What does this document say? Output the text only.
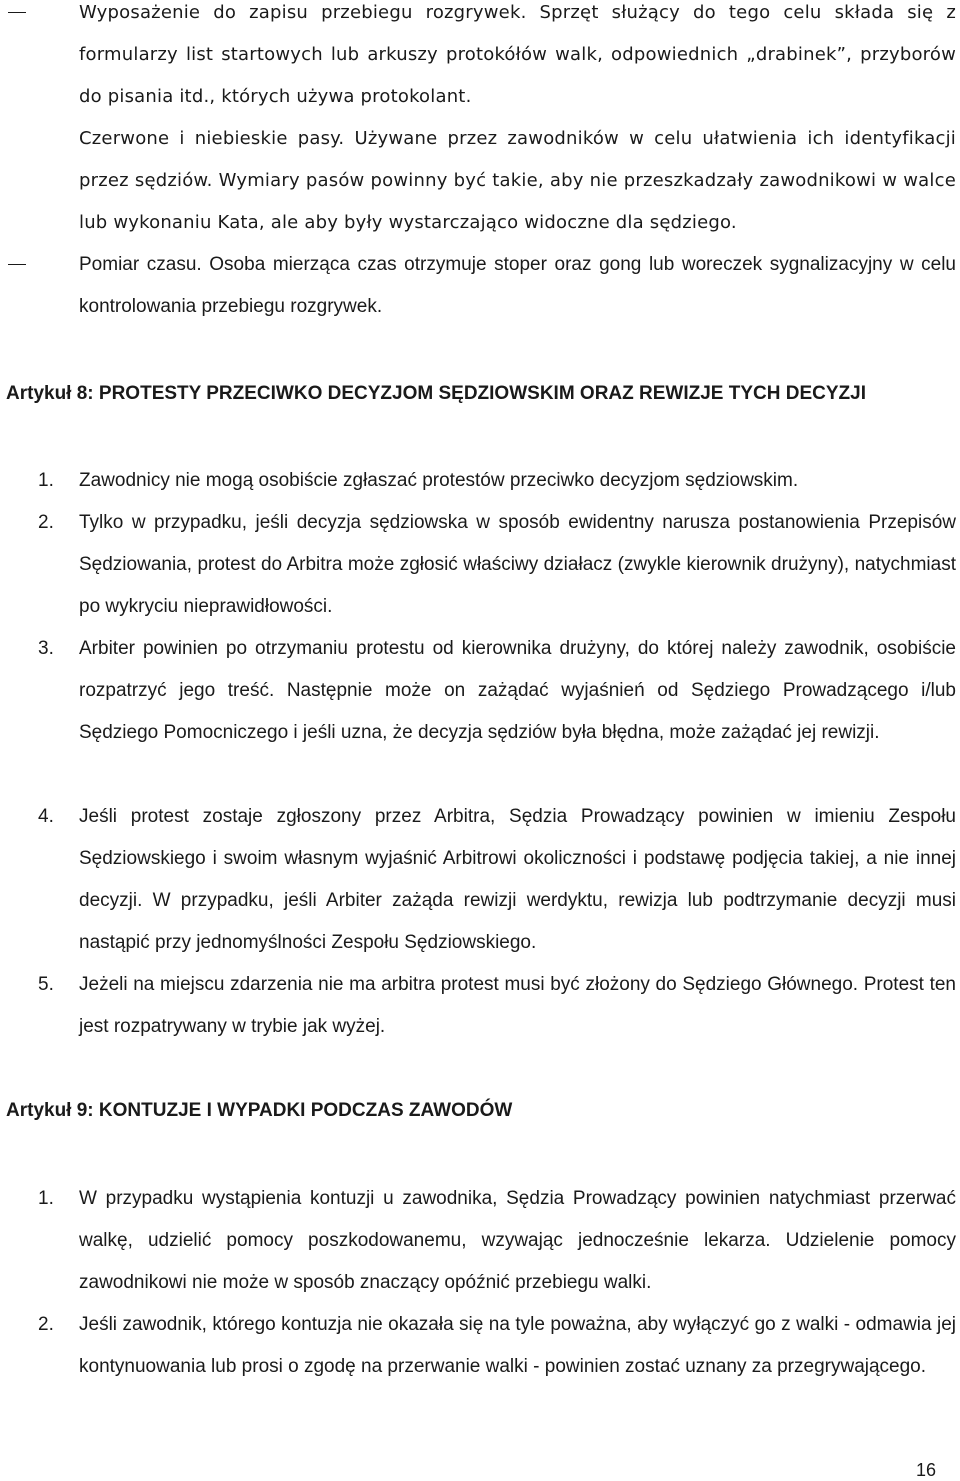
Wyposażenie do zapisu przebiegu rozgrywek. Sprzęt służący do tego celu składa się z formularzy list startowych lub arkuszy protokółów walk, odpowiednich „drabinek”, przyborów do pisania itd., których używa protokolant.
Czerwone i niebieskie pasy. Używane przez zawodników w celu ułatwienia ich identyfikacji przez sędziów. Wymiary pasów powinny być takie, aby nie przeszkadzały zawodnikowi w walce lub wykonaniu Kata, ale aby były wystarczająco widoczne dla sędziego.
Pomiar czasu. Osoba mierząca czas otrzymuje stoper oraz gong lub woreczek sygnalizacyjny w celu kontrolowania przebiegu rozgrywek.
Artykuł 8: PROTESTY PRZECIWKO DECYZJOM SĘDZIOWSKIM ORAZ REWIZJE TYCH DECYZJI
1. Zawodnicy nie mogą osobiście zgłaszać protestów przeciwko decyzjom sędziowskim.
2. Tylko w przypadku, jeśli decyzja sędziowska w sposób ewidentny narusza postanowienia Przepisów Sędziowania, protest do Arbitra może zgłosić właściwy działacz (zwykle kierownik drużyny), natychmiast po wykryciu nieprawidłowości.
3. Arbiter powinien po otrzymaniu protestu od kierownika drużyny, do której należy zawodnik, osobiście rozpatrzyć jego treść. Następnie może on zażądać wyjaśnień od Sędziego Prowadzącego i/lub Sędziego Pomocniczego i jeśli uzna, że decyzja sędziów była błędna, może zażądać jej rewizji.
4. Jeśli protest zostaje zgłoszony przez Arbitra, Sędzia Prowadzący powinien w imieniu Zespołu Sędziowskiego i swoim własnym wyjaśnić Arbitrowi okoliczności i podstawę podjęcia takiej, a nie innej decyzji. W przypadku, jeśli Arbiter zażąda rewizji werdyktu, rewizja lub podtrzymanie decyzji musi nastąpić przy jednomyślności Zespołu Sędziowskiego.
5. Jeżeli na miejscu zdarzenia nie ma arbitra protest musi być złożony do Sędziego Głównego. Protest ten jest rozpatrywany w trybie jak wyżej.
Artykuł 9: KONTUZJE I WYPADKI PODCZAS ZAWODÓW
1. W przypadku wystąpienia kontuzji u zawodnika, Sędzia Prowadzący powinien natychmiast przerwać walkę, udzielić pomocy poszkodowanemu, wzywając jednocześnie lekarza. Udzielenie pomocy zawodnikowi nie może w sposób znaczący opóźnić przebiegu walki.
2. Jeśli zawodnik, którego kontuzja nie okazała się na tyle poważna, aby wyłączyć go z walki - odmawia jej kontynuowania lub prosi o zgodę na przerwanie walki - powinien zostać uznany za przegrywającego.
16
